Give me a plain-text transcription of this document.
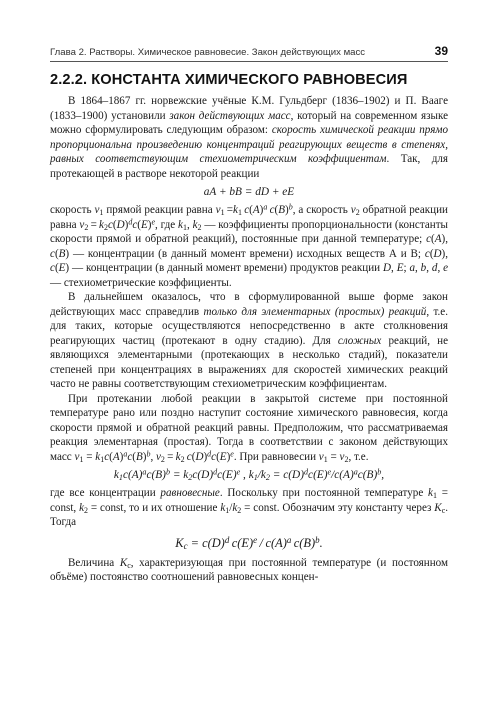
Глава 2. Растворы. Химическое равновесие. Закон действующих масс	39
2.2.2. КОНСТАНТА ХИМИЧЕСКОГО РАВНОВЕСИЯ

В 1864–1867 гг. норвежские учёные К.М. Гульдберг (1836–1902) и П. Вааге (1833–1900) установили закон действующих масс, который на современном языке можно сформулировать следующим образом: скорость химической реакции прямо пропорциональна произведению концентраций реагирующих веществ в степенях, равных соответствующим стехиометрическим коэффициентам. Так, для протекающей в растворе некоторой реакции

aA + bB = dD + eE

скорость $v_1$ прямой реакции равна $v_1 =k_1$  $c(A)^a$  $c(B)^b$, а скорость $v_2$ обратной реакции равна $v_2 = k_2c(D)^dc(E)^e$, где $k_1$, $k_2$ — коэффициенты пропорциональности (константы скорости прямой и обратной реакций), постоянные при данной температуре; c(A), c(B) — концентрации (в данный момент времени) исходных веществ А и В; c(D), c(E) — концентрации (в данный момент времени) продуктов реакции D, E; a, b, d, e — стехиометрические коэффициенты.

В дальнейшем оказалось, что в сформулированной выше форме закон действующих масс справедлив только для элементарных (простых) реакций, т.е. для таких, которые осуществляются непосредственно в акте столкновения реагирующих частиц (протекают в одну стадию). Для сложных реакций, не являющихся элементарными (протекающих в несколько стадий), показатели степеней при концентрациях в выражениях для скоростей химических реакций часто не равны соответствующим стехиометрическим коэффициентам.

При протекании любой реакции в закрытой системе при постоянной температуре рано или поздно наступит состояние химического равновесия, когда скорости прямой и обратной реакций равны. Предположим, что рассматриваемая реакция элементарная (простая). Тогда в соответствии с законом действующих масс $v_1 = k_1c(A)^ac(B)^b$, $v_2 = k_2$  $c(D)^dc(E)^e$. При равновесии $v_1 = v_2$, т.е.

$k_1c(A)^ac(B)^b = k_2c(D)^dc(E)^e$ , $k_1/k_2 = c(D)^dc(E)^e/c(A)^ac(B)^b$,

где все концентрации равновесные. Поскольку при постоянной температуре $k_1$ = const, $k_2$ = const, то и их отношение $k_1/k_2$ = const. Обозначим эту константу через $K_c$. Тогда

$K_c = c(D)^d$  $c(E)^e / c(A)^a$  $c(B)^b$.

Величина $K_c$, характеризующая при постоянной температуре (и постоянном объёме) постоянство соотношений равновесных концен-
